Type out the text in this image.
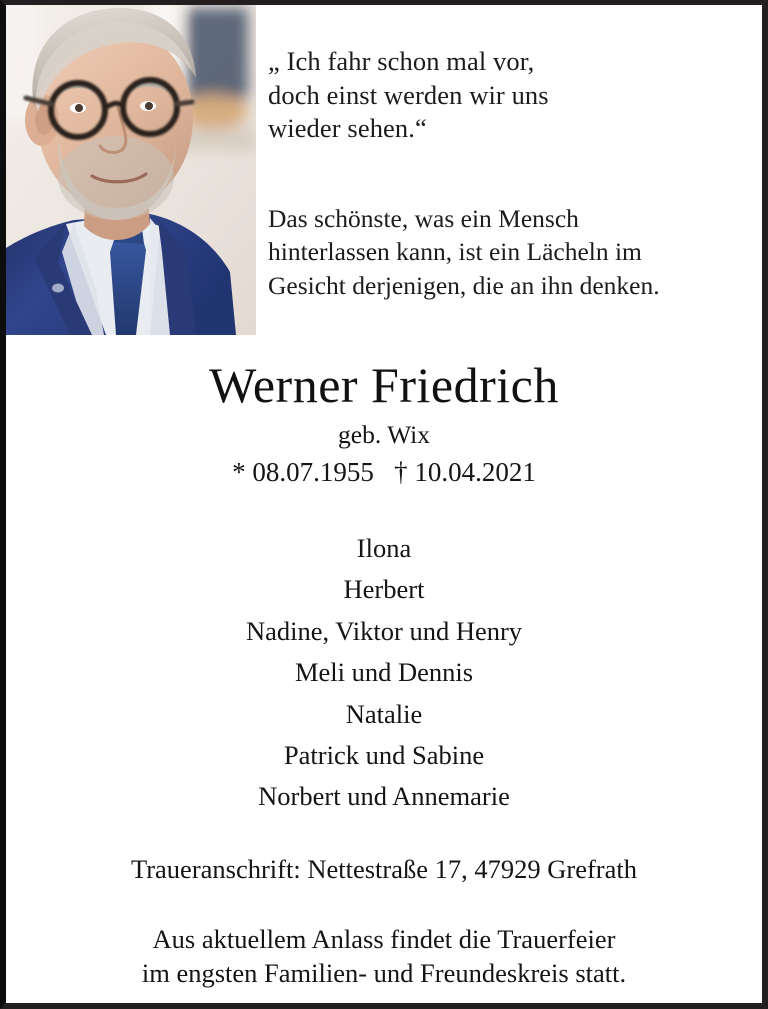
„ Ich fahr schon mal vor,
doch einst werden wir uns
wieder sehen.“
Das schönste, was ein Mensch
hinterlassen kann, ist ein Lächeln im
Gesicht derjenigen, die an ihn denken.
Werner Friedrich
geb. Wix
* 08.07.1955   † 10.04.2021
Ilona
Herbert
Nadine, Viktor und Henry
Meli und Dennis
Natalie
Patrick und Sabine
Norbert und Annemarie
Traueranschrift: Nettestraße 17, 47929 Grefrath
Aus aktuellem Anlass findet die Trauerfeier
im engsten Familien- und Freundeskreis statt.
